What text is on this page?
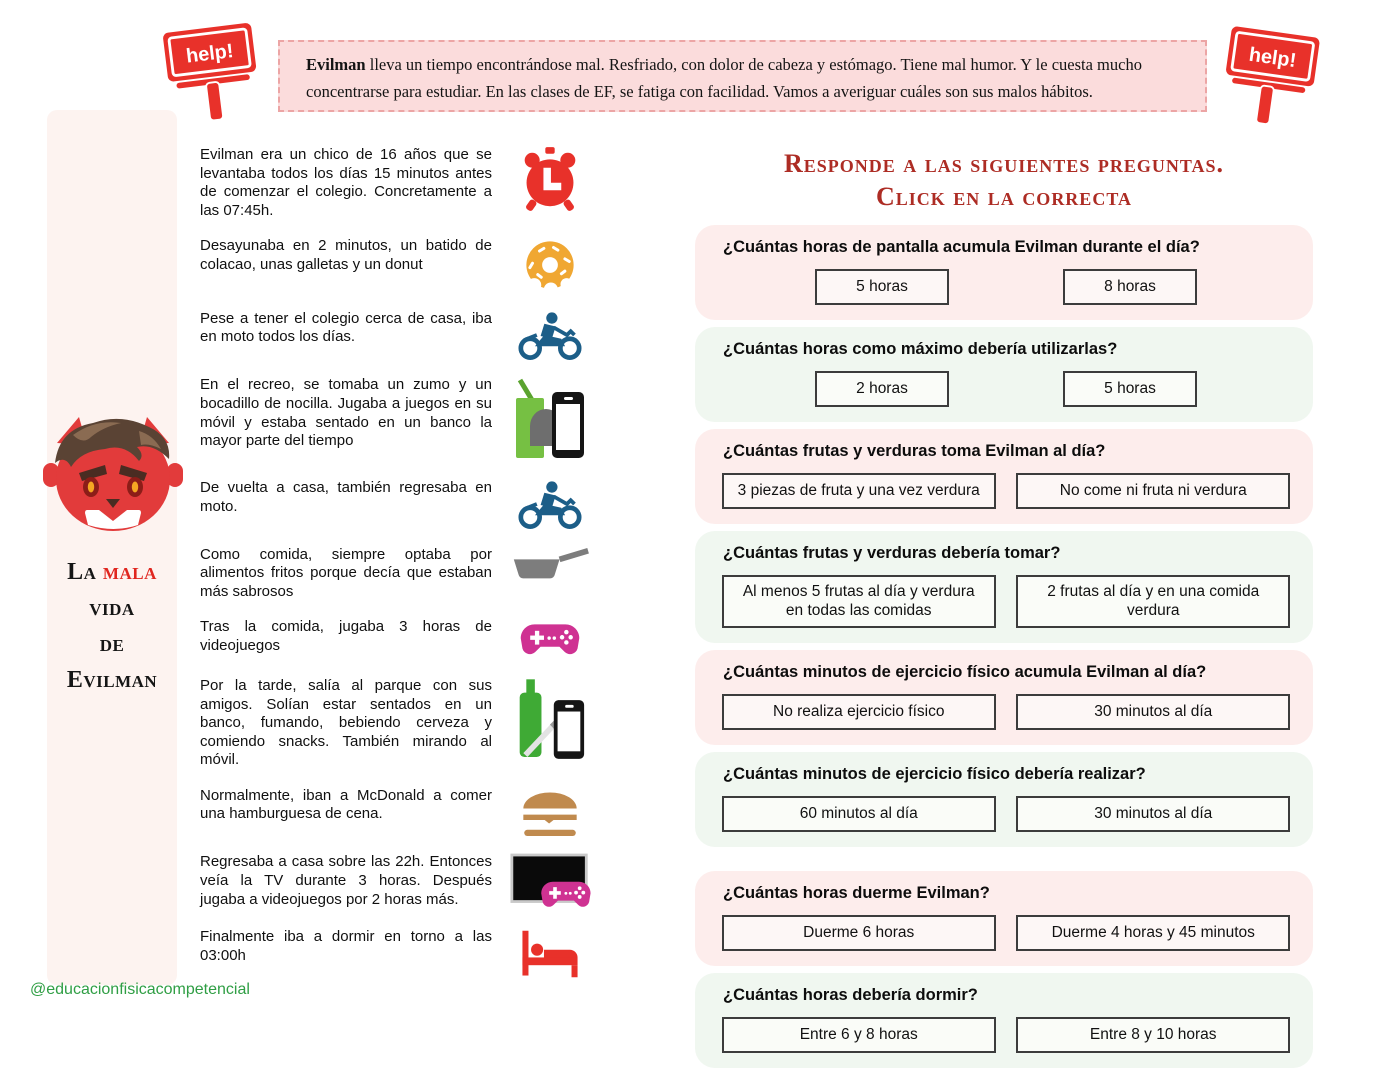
help!	help!
Evilman lleva un tiempo encontrándose mal. Resfriado, con dolor de cabeza y estómago. Tiene mal humor. Y le cuesta mucho concentrarse para estudiar. En las clases de EF, se fatiga con facilidad. Vamos a averiguar cuáles son sus malos hábitos.
La mala
vida
de
Evilman
Evilman era un chico de 16 años que se levantaba todos los días 15 minutos antes de comenzar el colegio. Concretamente a las 07:45h.
Desayunaba en 2 minutos, un batido de colacao, unas galletas y un donut
Pese a tener el colegio cerca de casa, iba en moto todos los días.
En el recreo, se tomaba un zumo y un bocadillo de nocilla. Jugaba a juegos en su móvil y estaba sentado en un banco la mayor parte del tiempo
De vuelta a casa, también regresaba en moto.
Como comida, siempre optaba por alimentos fritos porque decía que estaban más sabrosos
Tras la comida, jugaba 3 horas de videojuegos
Por la tarde, salía al parque con sus amigos. Solían estar sentados en un banco, fumando, bebiendo cerveza y comiendo snacks. También mirando al móvil.
Normalmente, iban a McDonald a comer una hamburguesa de cena.
Regresaba a casa sobre las 22h. Entonces veía la TV durante 3 horas. Después jugaba a videojuegos por 2 horas más.
Finalmente iba a dormir en torno a las 03:00h
Responde a las siguientes preguntas.
Click en la correcta
¿Cuántas horas de pantalla acumula Evilman durante el día?
5 horas	8 horas
¿Cuántas horas como máximo debería utilizarlas?
2 horas	5 horas
¿Cuántas frutas y verduras toma Evilman al día?
3 piezas de fruta y una vez verdura	No come ni fruta ni verdura
¿Cuántas frutas y verduras debería tomar?
Al menos 5 frutas al día y verdura en todas las comidas
2 frutas al día y en una comida verdura
¿Cuántas minutos de ejercicio físico acumula Evilman al día?
No realiza ejercicio físico	30 minutos al día
¿Cuántas minutos de ejercicio físico debería realizar?
60 minutos al día	30 minutos al día
¿Cuántas horas duerme Evilman?
Duerme 6 horas	Duerme 4 horas y 45 minutos
¿Cuántas horas debería dormir?
Entre 6 y 8 horas	Entre 8 y 10 horas
@educacionfisicacompetencial
